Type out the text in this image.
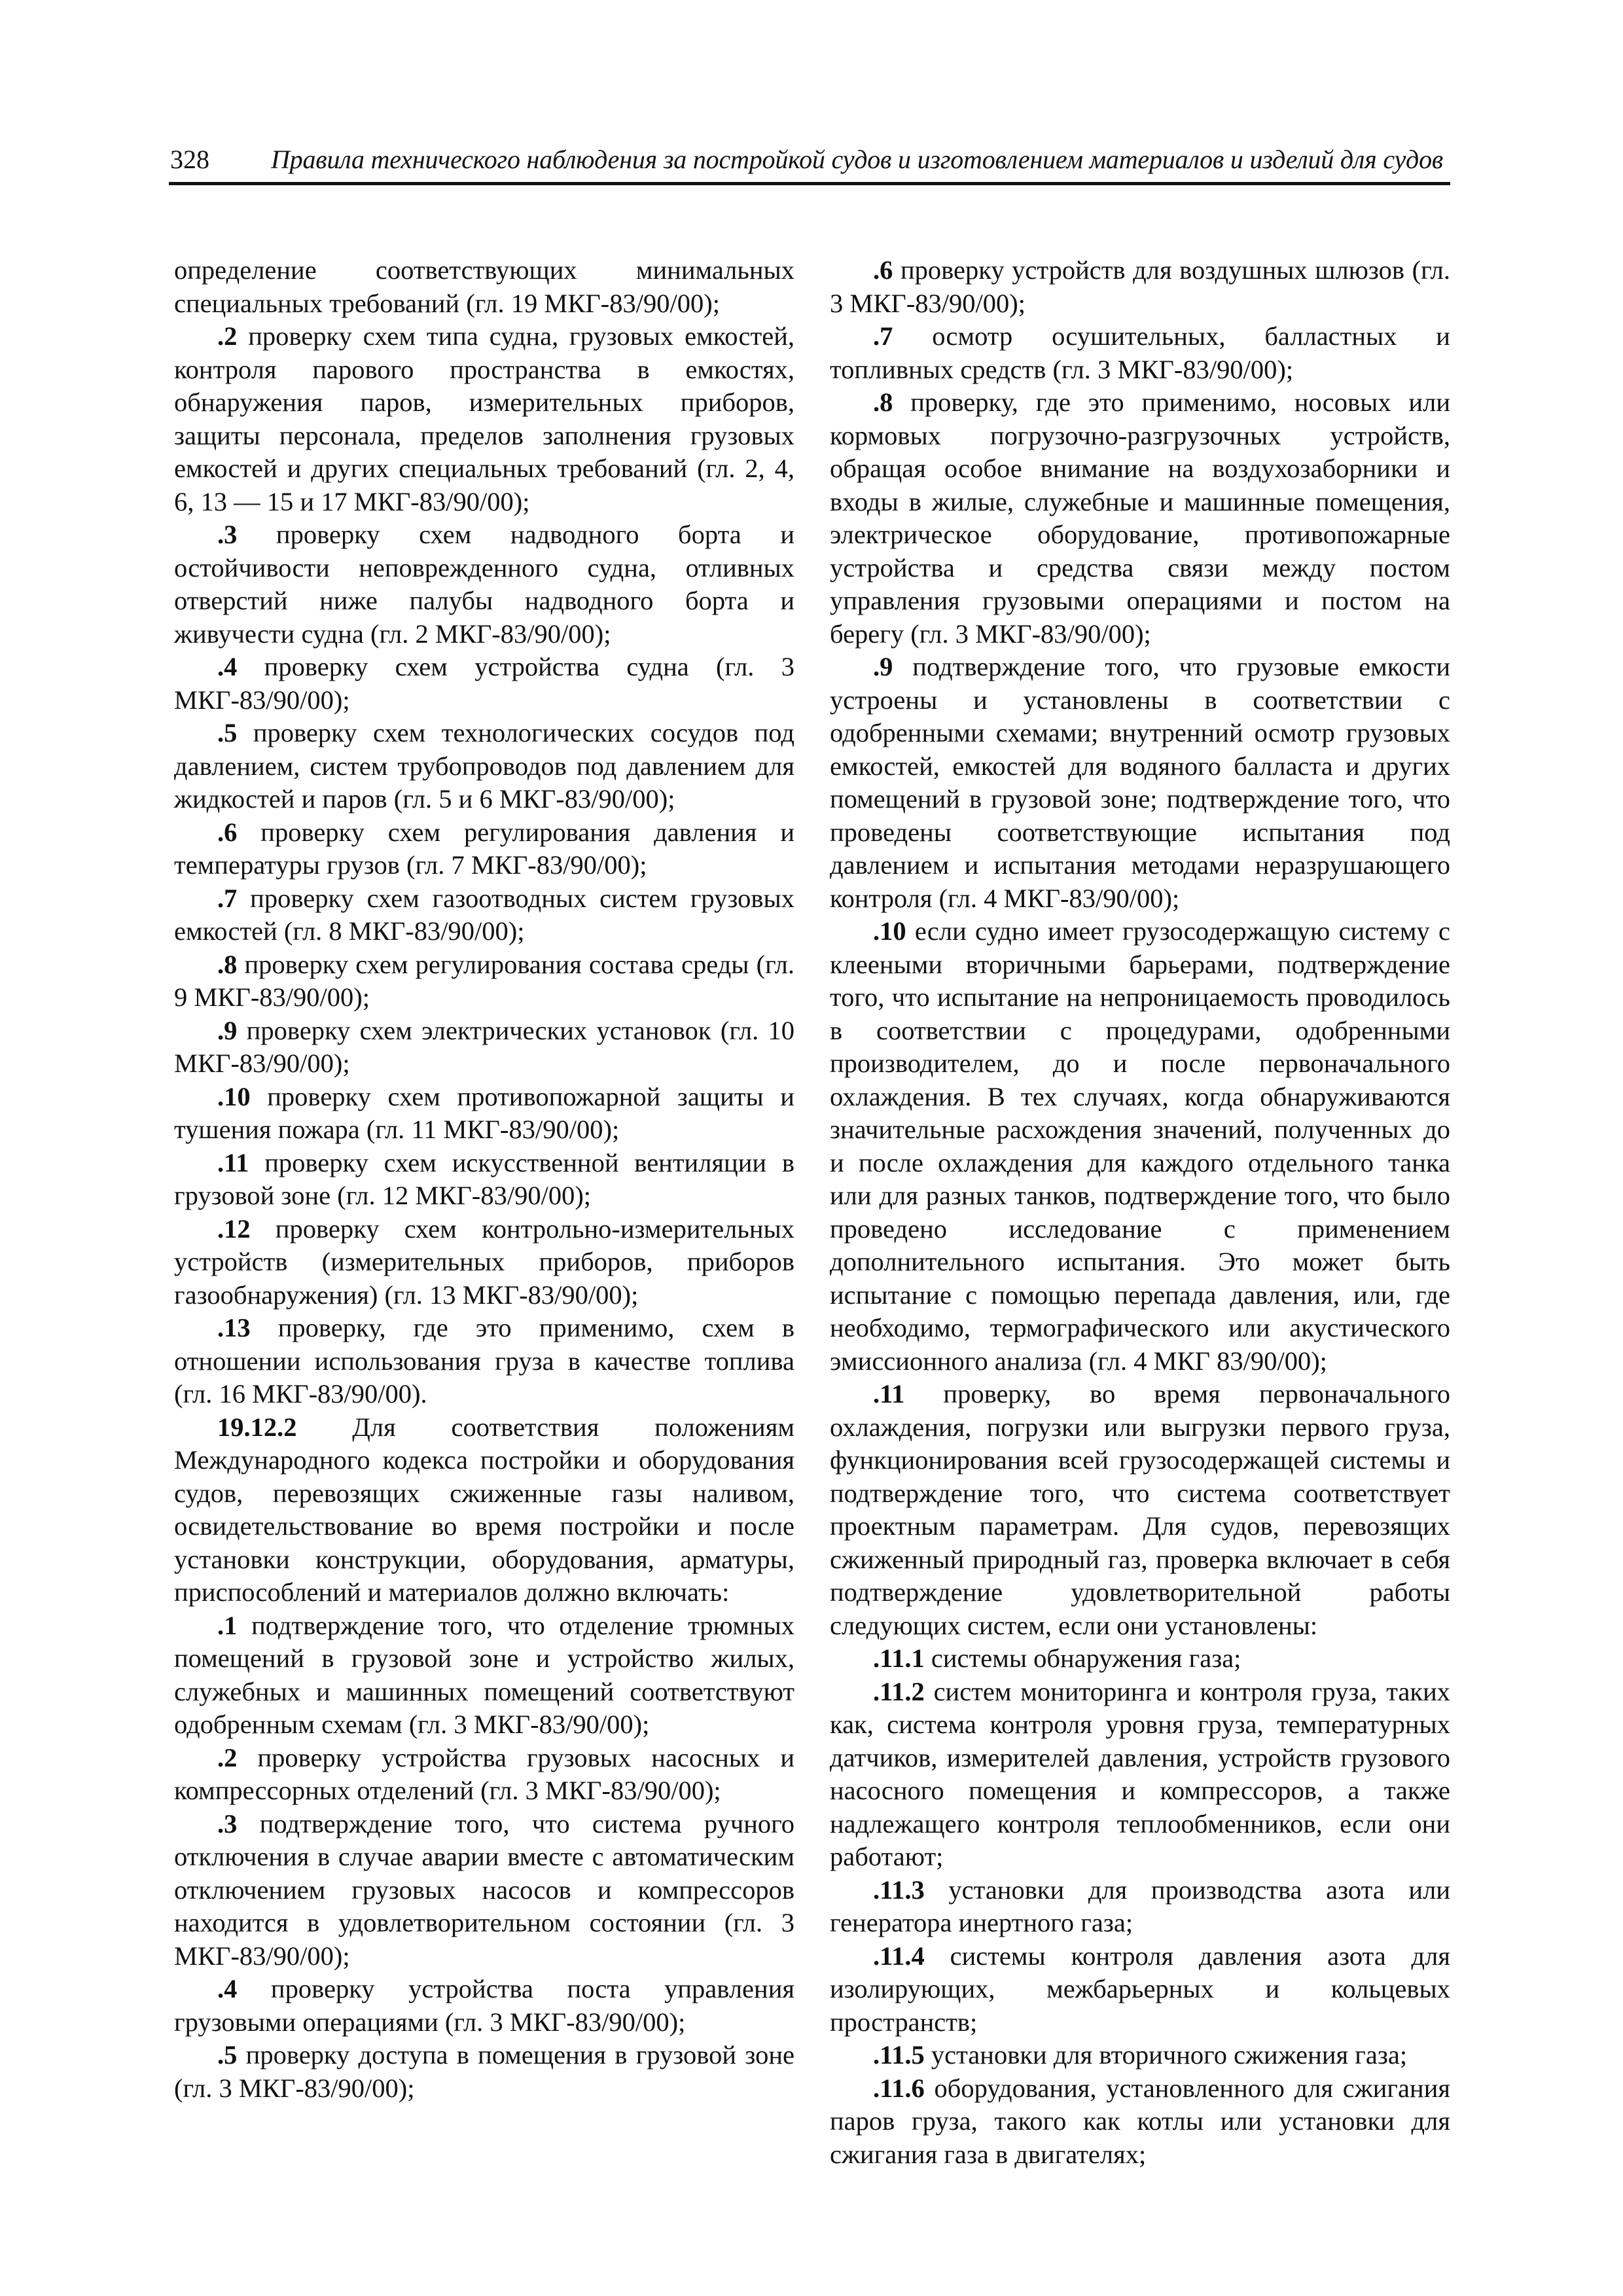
328 Правила технического наблюдения за постройкой судов и изготовлением материалов и изделий для судов

определение соответствующих минимальных специальных требований (гл. 19 МКГ-83/90/00);

.2 проверку схем типа судна, грузовых емкостей, контроля парового пространства в емкостях, обнаружения паров, измерительных приборов, защиты персонала, пределов заполнения грузовых емкостей и других специальных требований (гл. 2, 4, 6, 13 — 15 и 17 МКГ-83/90/00);

.3 проверку схем надводного борта и остойчивости неповрежденного судна, отливных отверстий ниже палубы надводного борта и живучести судна (гл. 2 МКГ-83/90/00);

.4 проверку схем устройства судна (гл. 3 МКГ-83/90/00);

.5 проверку схем технологических сосудов под давлением, систем трубопроводов под давлением для жидкостей и паров (гл. 5 и 6 МКГ-83/90/00);

.6 проверку схем регулирования давления и температуры грузов (гл. 7 МКГ-83/90/00);

.7 проверку схем газоотводных систем грузовых емкостей (гл. 8 МКГ-83/90/00);

.8 проверку схем регулирования состава среды (гл. 9 МКГ-83/90/00);

.9 проверку схем электрических установок (гл. 10 МКГ-83/90/00);

.10 проверку схем противопожарной защиты и тушения пожара (гл. 11 МКГ-83/90/00);

.11 проверку схем искусственной вентиляции в грузовой зоне (гл. 12 МКГ-83/90/00);

.12 проверку схем контрольно-измерительных устройств (измерительных приборов, приборов газообнаружения) (гл. 13 МКГ-83/90/00);

.13 проверку, где это применимо, схем в отношении использования груза в качестве топлива (гл. 16 МКГ-83/90/00).

19.12.2 Для соответствия положениям Международного кодекса постройки и оборудования судов, перевозящих сжиженные газы наливом, освидетельствование во время постройки и после установки конструкции, оборудования, арматуры, приспособлений и материалов должно включать:

.1 подтверждение того, что отделение трюмных помещений в грузовой зоне и устройство жилых, служебных и машинных помещений соответствуют одобренным схемам (гл. 3 МКГ-83/90/00);

.2 проверку устройства грузовых насосных и компрессорных отделений (гл. 3 МКГ-83/90/00);

.3 подтверждение того, что система ручного отключения в случае аварии вместе с автоматическим отключением грузовых насосов и компрессоров находится в удовлетворительном состоянии (гл. 3 МКГ-83/90/00);

.4 проверку устройства поста управления грузовыми операциями (гл. 3 МКГ-83/90/00);

.5 проверку доступа в помещения в грузовой зоне (гл. 3 МКГ-83/90/00);

.6 проверку устройств для воздушных шлюзов (гл. 3 МКГ-83/90/00);

.7 осмотр осушительных, балластных и топливных средств (гл. 3 МКГ-83/90/00);

.8 проверку, где это применимо, носовых или кормовых погрузочно-разгрузочных устройств, обращая особое внимание на воздухозаборники и входы в жилые, служебные и машинные помещения, электрическое оборудование, противопожарные устройства и средства связи между постом управления грузовыми операциями и постом на берегу (гл. 3 МКГ-83/90/00);

.9 подтверждение того, что грузовые емкости устроены и установлены в соответствии с одобренными схемами; внутренний осмотр грузовых емкостей, емкостей для водяного балласта и других помещений в грузовой зоне; подтверждение того, что проведены соответствующие испытания под давлением и испытания методами неразрушающего контроля (гл. 4 МКГ-83/90/00);

.10 если судно имеет грузосодержащую систему с клееными вторичными барьерами, подтверждение того, что испытание на непроницаемость проводилось в соответствии с процедурами, одобренными производителем, до и после первоначального охлаждения. В тех случаях, когда обнаруживаются значительные расхождения значений, полученных до и после охлаждения для каждого отдельного танка или для разных танков, подтверждение того, что было проведено исследование с применением дополнительного испытания. Это может быть испытание с помощью перепада давления, или, где необходимо, термографического или акустического эмиссионного анализа (гл. 4 МКГ 83/90/00);

.11 проверку, во время первоначального охлаждения, погрузки или выгрузки первого груза, функционирования всей грузосодержащей системы и подтверждение того, что система соответствует проектным параметрам. Для судов, перевозящих сжиженный природный газ, проверка включает в себя подтверждение удовлетворительной работы следующих систем, если они установлены:

.11.1 системы обнаружения газа;

.11.2 систем мониторинга и контроля груза, таких как, система контроля уровня груза, температурных датчиков, измерителей давления, устройств грузового насосного помещения и компрессоров, а также надлежащего контроля теплообменников, если они работают;

.11.3 установки для производства азота или генератора инертного газа;

.11.4 системы контроля давления азота для изолирующих, межбарьерных и кольцевых пространств;

.11.5 установки для вторичного сжижения газа;

.11.6 оборудования, установленного для сжигания паров груза, такого как котлы или установки для сжигания газа в двигателях;
